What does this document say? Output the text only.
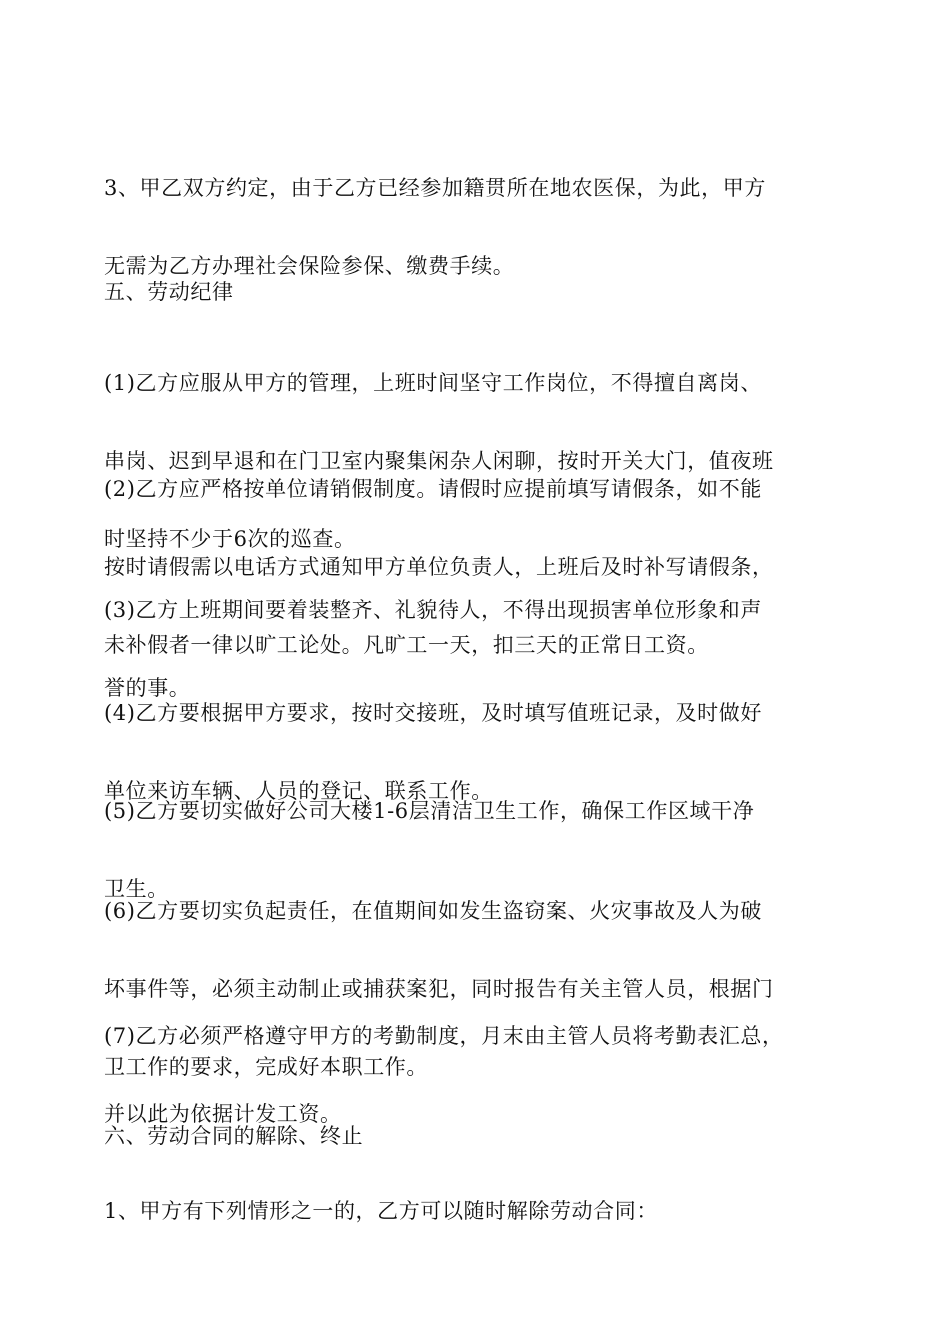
3、甲乙双方约定，由于乙方已经参加籍贯所在地农医保，为此，甲方

无需为乙方办理社会保险参保、缴费手续。

五、劳动纪律

(1)乙方应服从甲方的管理，上班时间坚守工作岗位，不得擅自离岗、

串岗、迟到早退和在门卫室内聚集闲杂人闲聊，按时开关大门，值夜班

时坚持不少于6次的巡查。

(2)乙方应严格按单位请销假制度。请假时应提前填写请假条，如不能

按时请假需以电话方式通知甲方单位负责人，上班后及时补写请假条，

未补假者一律以旷工论处。凡旷工一天，扣三天的正常日工资。

(3)乙方上班期间要着装整齐、礼貌待人，不得出现损害单位形象和声

誉的事。

(4)乙方要根据甲方要求，按时交接班，及时填写值班记录，及时做好

单位来访车辆、人员的登记、联系工作。

(5)乙方要切实做好公司大楼1-6层清洁卫生工作，确保工作区域干净

卫生。

(6)乙方要切实负起责任，在值期间如发生盗窃案、火灾事故及人为破

坏事件等，必须主动制止或捕获案犯，同时报告有关主管人员，根据门

卫工作的要求，完成好本职工作。

(7)乙方必须严格遵守甲方的考勤制度，月末由主管人员将考勤表汇总，

并以此为依据计发工资。

六、劳动合同的解除、终止

1、甲方有下列情形之一的，乙方可以随时解除劳动合同：
